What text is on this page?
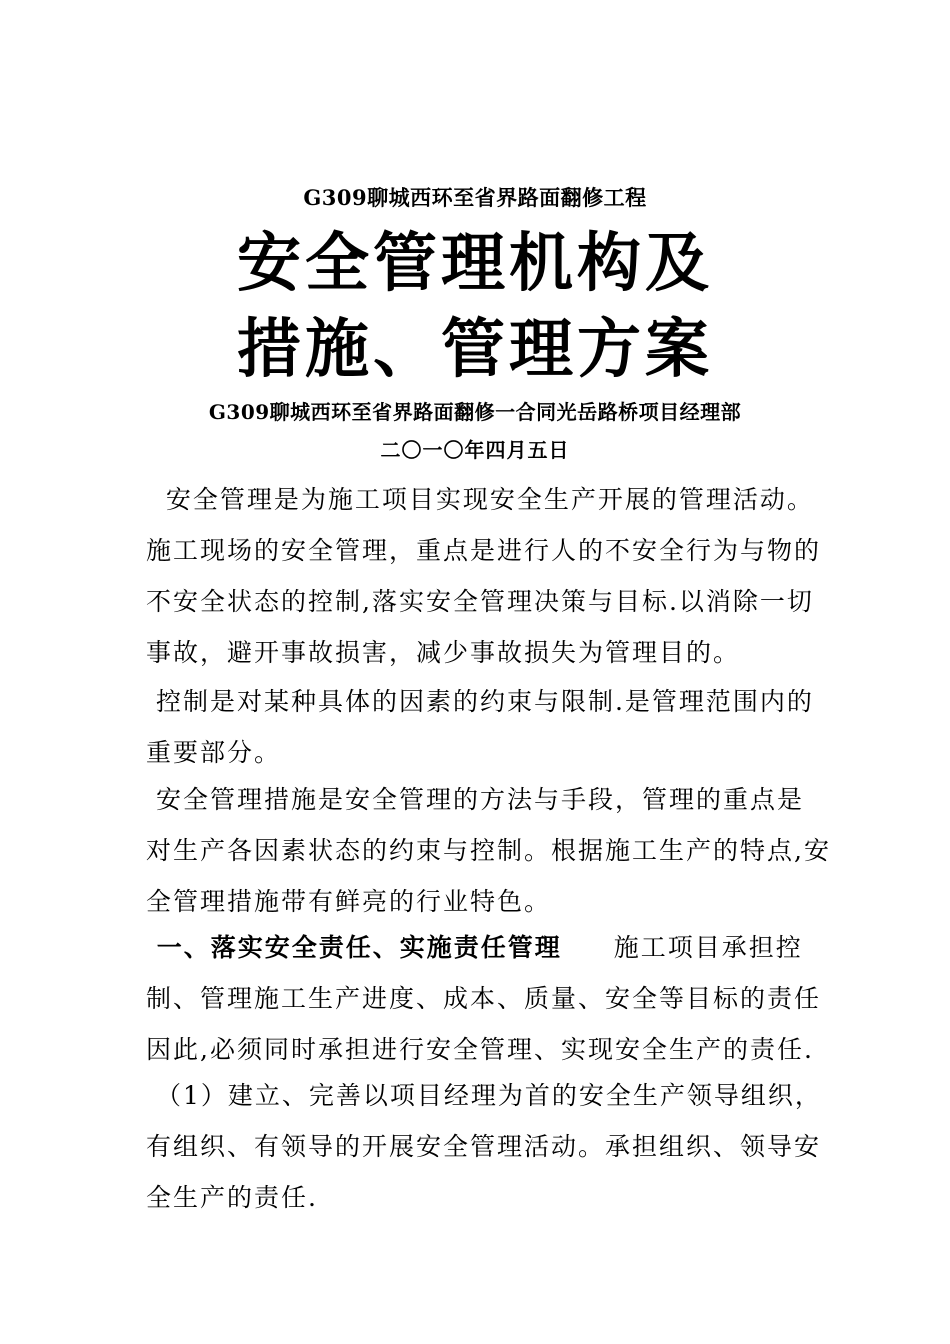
G309聊城西环至省界路面翻修工程
安全管理机构及
措施、管理方案
G309聊城西环至省界路面翻修一合同光岳路桥项目经理部
二〇一〇年四月五日
安全管理是为施工项目实现安全生产开展的管理活动。
施工现场的安全管理，重点是进行人的不安全行为与物的
不安全状态的控制,落实安全管理决策与目标.以消除一切
事故，避开事故损害，减少事故损失为管理目的。
控制是对某种具体的因素的约束与限制.是管理范围内的
重要部分。
安全管理措施是安全管理的方法与手段，管理的重点是
对生产各因素状态的约束与控制。根据施工生产的特点,安
全管理措施带有鲜亮的行业特色。
一、落实安全责任、实施责任管理 施工项目承担控
制、管理施工生产进度、成本、质量、安全等目标的责任
因此,必须同时承担进行安全管理、实现安全生产的责任.
（1）建立、完善以项目经理为首的安全生产领导组织，
有组织、有领导的开展安全管理活动。承担组织、领导安
全生产的责任.
